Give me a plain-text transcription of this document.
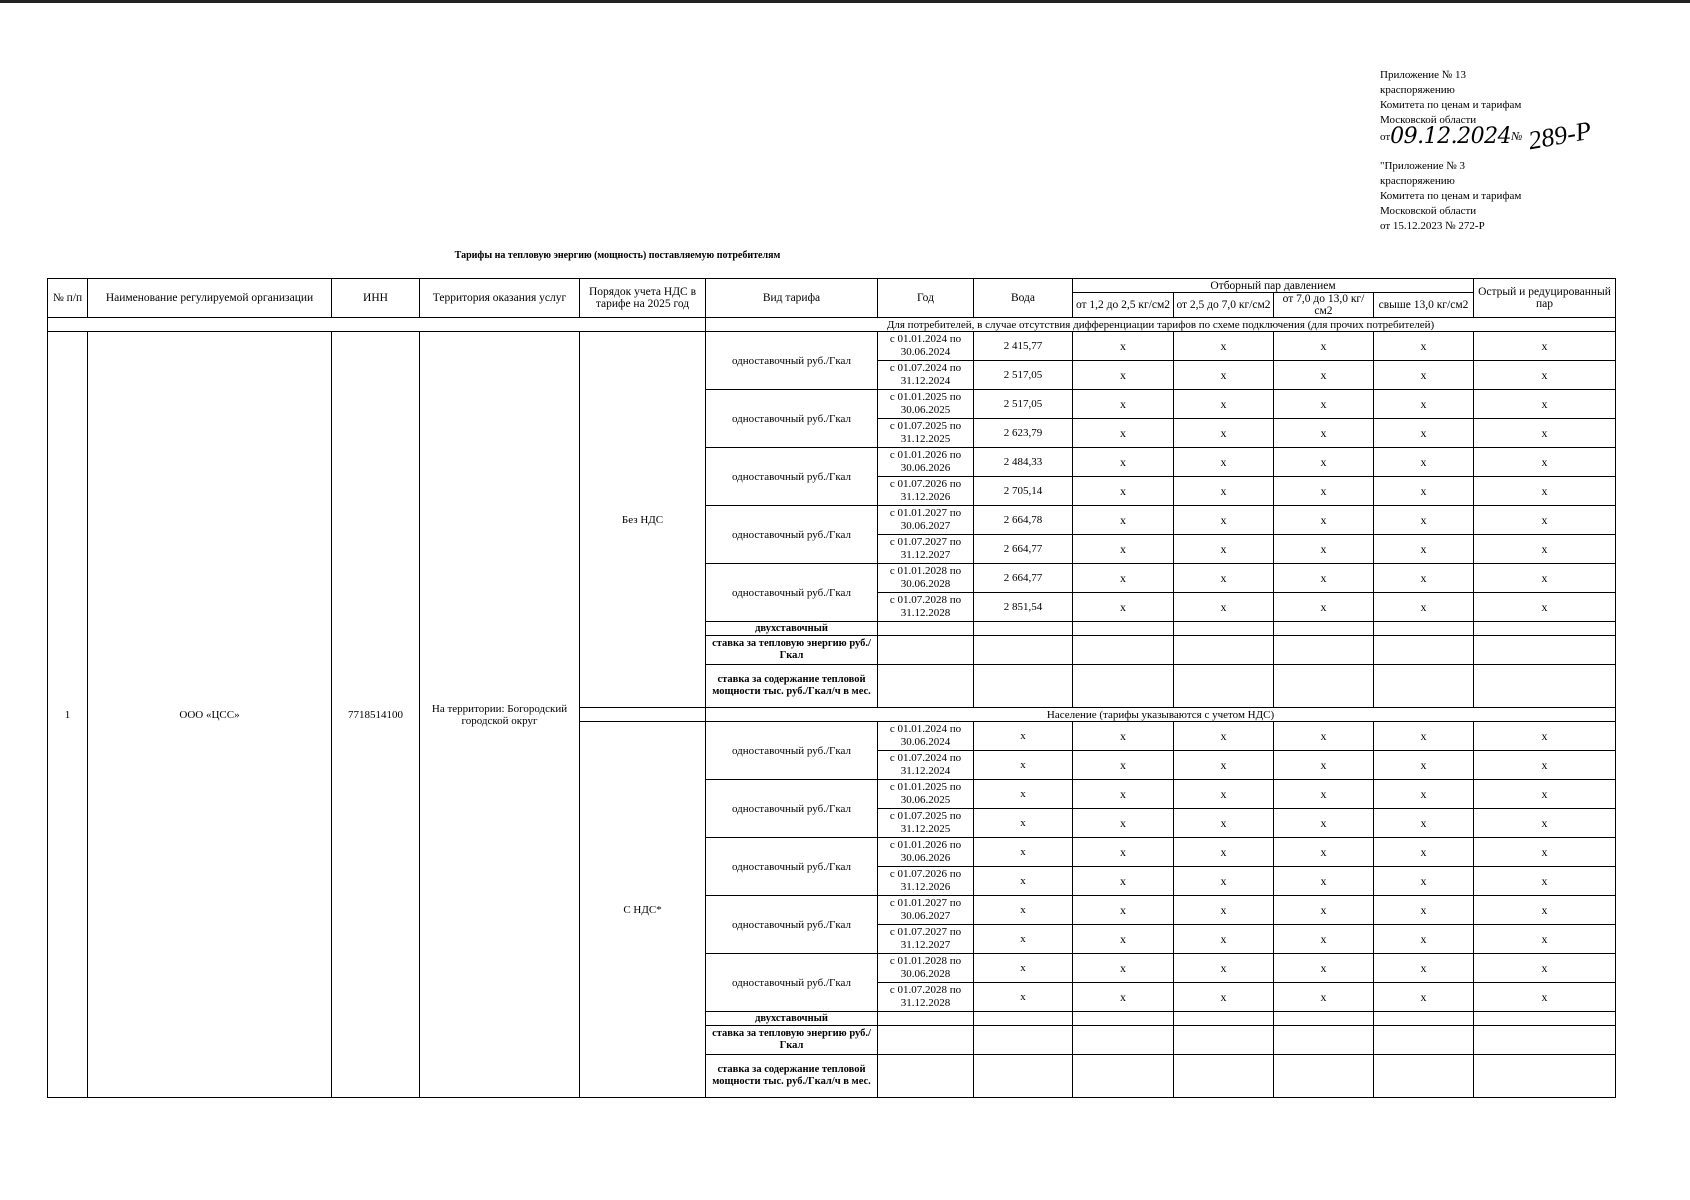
Приложение № 13
краспоряжению
Комитета по ценам и тарифам
Московской области
от09.12.2024№ 289-Р
"Приложение № 3
краспоряжению
Комитета по ценам и тарифам
Московской области
от 15.12.2023 № 272-Р
Тарифы на тепловую энергию (мощность) поставляемую потребителям
№ п/п	Наименование регулируемой организации	ИНН	Территория оказания услуг	Порядок учета НДС в тарифе на 2025 год	Вид тарифа	Год	Вода	Отборный пар давлением				Острый и редуцированный пар
								от 1,2 до 2,5 кг/см2	от 2,5 до 7,0 кг/см2	от 7,0 до 13,0 кг/см2	свыше 13,0 кг/см2	
					Для потребителей, в случае отсутствия дифференциации тарифов по схеме подключения (для прочих потребителей)							
1	ООО «ЦСС»	7718514100	На территории: Богородский городской округ	Без НДС	одноставочный руб./Гкал	с 01.01.2024 по 30.06.2024	2 415,77	x	x	x	x	x
						с 01.07.2024 по 31.12.2024	2 517,05	x	x	x	x	x
					одноставочный руб./Гкал	с 01.01.2025 по 30.06.2025	2 517,05	x	x	x	x	x
						с 01.07.2025 по 31.12.2025	2 623,79	x	x	x	x	x
					одноставочный руб./Гкал	с 01.01.2026 по 30.06.2026	2 484,33	x	x	x	x	x
						с 01.07.2026 по 31.12.2026	2 705,14	x	x	x	x	x
					одноставочный руб./Гкал	с 01.01.2027 по 30.06.2027	2 664,78	x	x	x	x	x
						с 01.07.2027 по 31.12.2027	2 664,77	x	x	x	x	x
					одноставочный руб./Гкал	с 01.01.2028 по 30.06.2028	2 664,77	x	x	x	x	x
						с 01.07.2028 по 31.12.2028	2 851,54	x	x	x	x	x
					двухставочный							
					ставка за тепловую энергию руб./Гкал							
					ставка за содержание тепловой мощности тыс. руб./Гкал/ч в мес.							
					Население (тарифы указываются с учетом НДС)							
				С НДС*	одноставочный руб./Гкал	с 01.01.2024 по 30.06.2024	x	x	x	x	x	x
						с 01.07.2024 по 31.12.2024	x	x	x	x	x	x
					одноставочный руб./Гкал	с 01.01.2025 по 30.06.2025	x	x	x	x	x	x
						с 01.07.2025 по 31.12.2025	x	x	x	x	x	x
					одноставочный руб./Гкал	с 01.01.2026 по 30.06.2026	x	x	x	x	x	x
						с 01.07.2026 по 31.12.2026	x	x	x	x	x	x
					одноставочный руб./Гкал	с 01.01.2027 по 30.06.2027	x	x	x	x	x	x
						с 01.07.2027 по 31.12.2027	x	x	x	x	x	x
					одноставочный руб./Гкал	с 01.01.2028 по 30.06.2028	x	x	x	x	x	x
						с 01.07.2028 по 31.12.2028	x	x	x	x	x	x
					двухставочный							
					ставка за тепловую энергию руб./Гкал							
					ставка за содержание тепловой мощности тыс. руб./Гкал/ч в мес.							
